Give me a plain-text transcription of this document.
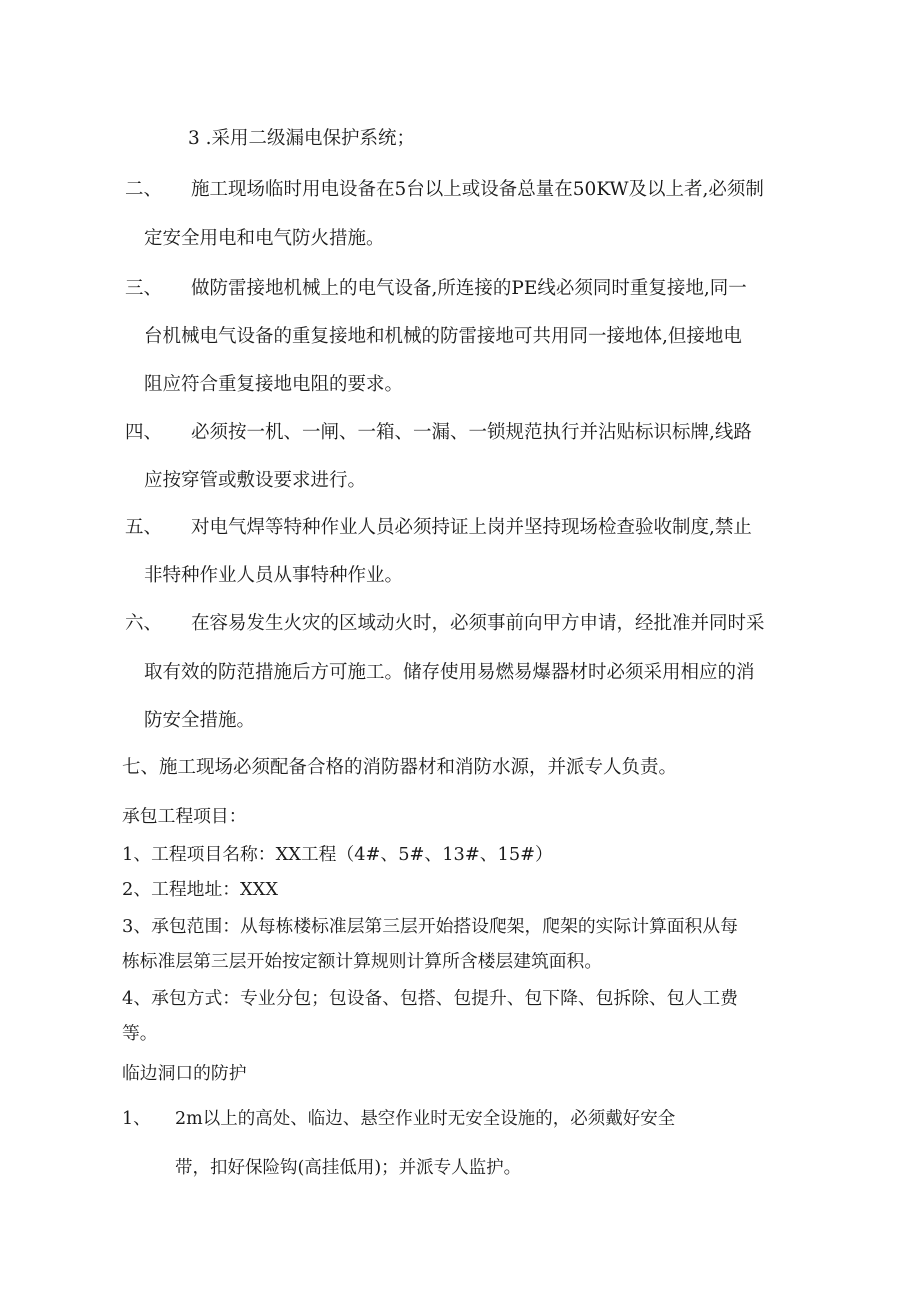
3 .采用二级漏电保护系统；
二、 施工现场临时用电设备在5台以上或设备总量在50KW及以上者,必须制
定安全用电和电气防火措施。
三、 做防雷接地机械上的电气设备,所连接的PE线必须同时重复接地,同一
台机械电气设备的重复接地和机械的防雷接地可共用同一接地体,但接地电
阻应符合重复接地电阻的要求。
四、 必须按一机、一闸、一箱、一漏、一锁规范执行并沾贴标识标牌,线路
应按穿管或敷设要求进行。
五、 对电气焊等特种作业人员必须持证上岗并坚持现场检查验收制度,禁止
非特种作业人员从事特种作业。
六、 在容易发生火灾的区域动火时，必须事前向甲方申请，经批准并同时采
取有效的防范措施后方可施工。储存使用易燃易爆器材时必须采用相应的消
防安全措施。
七、施工现场必须配备合格的消防器材和消防水源，并派专人负责。
承包工程项目：
1、工程项目名称：XX工程（4#、5#、13#、15#）
2、工程地址：XXX
3、承包范围：从每栋楼标准层第三层开始搭设爬架，爬架的实际计算面积从每
栋标准层第三层开始按定额计算规则计算所含楼层建筑面积。
4、承包方式：专业分包；包设备、包搭、包提升、包下降、包拆除、包人工费
等。
临边洞口的防护
1、 2m以上的高处、临边、悬空作业时无安全设施的，必须戴好安全
带，扣好保险钩(高挂低用)；并派专人监护。
